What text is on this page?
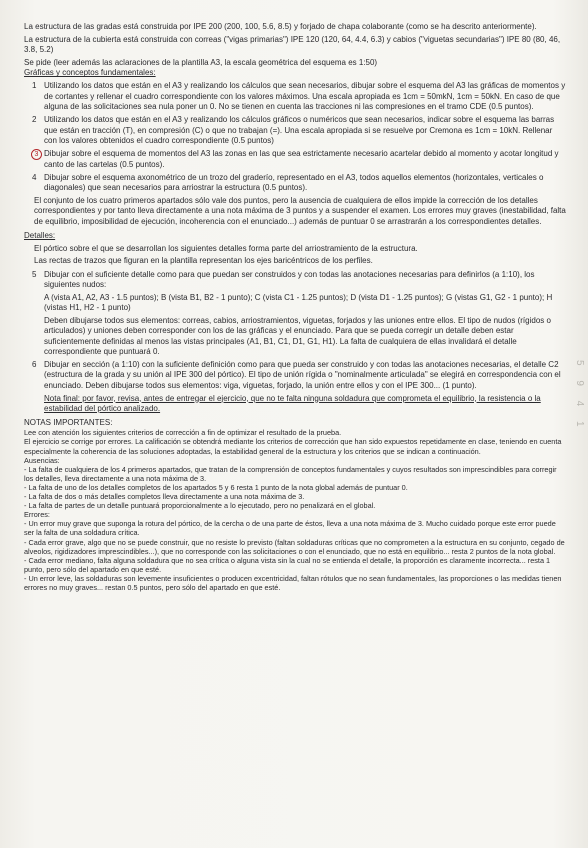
5 9 4 1

La estructura de las gradas está construida por IPE 200 (200, 100, 5.6, 8.5) y forjado de chapa colaborante (como se ha descrito anteriormente).

La estructura de la cubierta está construida con correas ("vigas primarias") IPE 120 (120, 64, 4.4, 6.3) y cabios ("viguetas secundarias") IPE 80 (80, 46, 3.8, 5.2)

Se pide (leer además las aclaraciones de la plantilla A3, la escala geométrica del esquema es 1:50)

Gráficas y conceptos fundamentales:

1 Utilizando los datos que están en el A3 y realizando los cálculos que sean necesarios, dibujar sobre el esquema del A3 las gráficas de momentos y de cortantes y rellenar el cuadro correspondiente con los valores máximos. Una escala apropiada es 1cm = 50mkN, 1cm = 50kN. En caso de que alguna de las solicitaciones sea nula poner un 0. No se tienen en cuenta las tracciones ni las compresiones en el tramo CDE (0.5 puntos).

2 Utilizando los datos que están en el A3 y realizando los cálculos gráficos o numéricos que sean necesarios, indicar sobre el esquema las barras que están en tracción (T), en compresión (C) o que no trabajan (=). Una escala apropiada si se resuelve por Cremona es 1cm = 10kN. Rellenar con los valores obtenidos el cuadro correspondiente (0.5 puntos)

3 Dibujar sobre el esquema de momentos del A3 las zonas en las que sea estrictamente necesario acartelar debido al momento y acotar longitud y canto de las cartelas (0.5 puntos).

4 Dibujar sobre el esquema axonométrico de un trozo del graderío, representado en el A3, todos aquellos elementos (horizontales, verticales o diagonales) que sean necesarios para arriostrar la estructura (0.5 puntos).

El conjunto de los cuatro primeros apartados sólo vale dos puntos, pero la ausencia de cualquiera de ellos impide la corrección de los detalles correspondientes y por tanto lleva directamente a una nota máxima de 3 puntos y a suspender el examen. Los errores muy graves (inestabilidad, falta de equilibrio, imposibilidad de ejecución, incoherencia con el enunciado...) además de puntuar 0 se arrastrarán a los correspondientes detalles.

Detalles:

El pórtico sobre el que se desarrollan los siguientes detalles forma parte del arriostramiento de la estructura.

Las rectas de trazos que figuran en la plantilla representan los ejes baricéntricos de los perfiles.

5 Dibujar con el suficiente detalle como para que puedan ser construidos y con todas las anotaciones necesarias para definirlos (a 1:10), los siguientes nudos:

A (vista A1, A2, A3 - 1.5 puntos); B (vista B1, B2 - 1 punto); C (vista C1 - 1.25 puntos); D (vista D1 - 1.25 puntos); G (vistas G1, G2 - 1 punto); H (vistas H1, H2 - 1 punto)

Deben dibujarse todos sus elementos: correas, cabios, arriostramientos, viguetas, forjados y las uniones entre ellos. El tipo de nudos (rígidos o articulados) y uniones deben corresponder con los de las gráficas y el enunciado. Para que se pueda corregir un detalle deben estar suficientemente definidas al menos las vistas principales (A1, B1, C1, D1, G1, H1). La falta de cualquiera de ellas invalidará el detalle correspondiente que puntuará 0.

6 Dibujar en sección (a 1:10) con la suficiente definición como para que pueda ser construido y con todas las anotaciones necesarias, el detalle C2 (estructura de la grada y su unión al IPE 300 del pórtico). El tipo de unión rígida o "nominalmente articulada" se elegirá en correspondencia con el enunciado. Deben dibujarse todos sus elementos: viga, viguetas, forjado, la unión entre ellos y con el IPE 300... (1 punto).

Nota final: por favor, revisa, antes de entregar el ejercicio, que no te falta ninguna soldadura que comprometa el equilibrio, la resistencia o la estabilidad del pórtico analizado.

NOTAS IMPORTANTES:

Lee con atención los siguientes criterios de corrección a fin de optimizar el resultado de la prueba.

El ejercicio se corrige por errores. La calificación se obtendrá mediante los criterios de corrección que han sido expuestos repetidamente en clase, teniendo en cuenta especialmente la coherencia de las soluciones adoptadas, la estabilidad general de la estructura y los criterios que se indican a continuación.

Ausencias:

- La falta de cualquiera de los 4 primeros apartados, que tratan de la comprensión de conceptos fundamentales y cuyos resultados son imprescindibles para corregir los detalles, lleva directamente a una nota máxima de 3.

- La falta de uno de los detalles completos de los apartados 5 y 6 resta 1 punto de la nota global además de puntuar 0.

- La falta de dos o más detalles completos lleva directamente a una nota máxima de 3.

- La falta de partes de un detalle puntuará proporcionalmente a lo ejecutado, pero no penalizará en el global.

Errores:

- Un error muy grave que suponga la rotura del pórtico, de la cercha o de una parte de éstos, lleva a una nota máxima de 3. Mucho cuidado porque este error puede ser la falta de una soldadura crítica.

- Cada error grave, algo que no se puede construir, que no resiste lo previsto (faltan soldaduras críticas que no comprometen a la estructura en su conjunto, cegado de alveolos, rigidizadores imprescindibles...), que no corresponde con las solicitaciones o con el enunciado, que no está en equilibrio... resta 2 puntos de la nota global.

- Cada error mediano, falta alguna soldadura que no sea crítica o alguna vista sin la cual no se entienda el detalle, la proporción es claramente incorrecta... resta 1 punto, pero sólo del apartado en que esté.

- Un error leve, las soldaduras son levemente insuficientes o producen excentricidad, faltan rótulos que no sean fundamentales, las proporciones o las medidas tienen errores no muy graves... restan 0.5 puntos, pero sólo del apartado en que esté.
